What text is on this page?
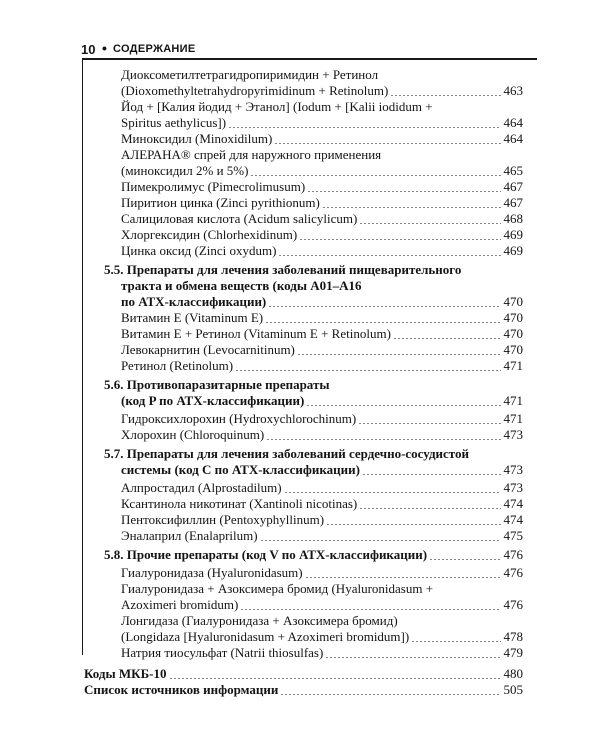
10 • СОДЕРЖАНИЕ
Диоксометилтетрагидропиримидин + Ретинол
(Dioxomethyltetrahydropyrimidinum + Retinolum)	463
Йод + [Калия йодид + Этанол] (Iodum + [Kalii iodidum +
Spiritus aethylicus])	464
Миноксидил (Minoxidilum)	464
АЛЕРАНА® спрей для наружного применения
(миноксидил 2% и 5%)	465
Пимекролимус (Pimecrolimusum)	467
Пиритион цинка (Zinci pyrithionum)	467
Салициловая кислота (Acidum salicylicum)	468
Хлоргексидин (Chlorhexidinum)	469
Цинка оксид (Zinci oxydum)	469
5.5. Препараты для лечения заболеваний пищеварительного
тракта и обмена веществ (коды A01–A16
по АТХ-классификации)	470
Витамин Е (Vitaminum E)	470
Витамин Е + Ретинол (Vitaminum E + Retinolum)	470
Левокарнитин (Levocarnitinum)	470
Ретинол (Retinolum)	471
5.6. Противопаразитарные препараты
(код P по АТХ-классификации)	471
Гидроксихлорохин (Hydroxychlorochinum)	471
Хлорохин (Chloroquinum)	473
5.7. Препараты для лечения заболеваний сердечно-сосудистой
системы (код C по АТХ-классификации)	473
Алпростадил (Alprostadilum)	473
Ксантинола никотинат (Xantinoli nicotinas)	474
Пентоксифиллин (Pentoxyphyllinum)	474
Эналаприл (Enalaprilum)	475
5.8. Прочие препараты (код V по АТХ-классификации)	476
Гиалуронидаза (Hyaluronidasum)	476
Гиалуронидаза + Азоксимера бромид (Hyaluronidasum +
Azoximeri bromidum)	476
Лонгидаза (Гиалуронидаза + Азоксимера бромид)
(Longidaza [Hyaluronidasum + Azoximeri bromidum])	478
Натрия тиосульфат (Natrii thiosulfas)	479
Коды МКБ-10	480
Список источников информации	505
